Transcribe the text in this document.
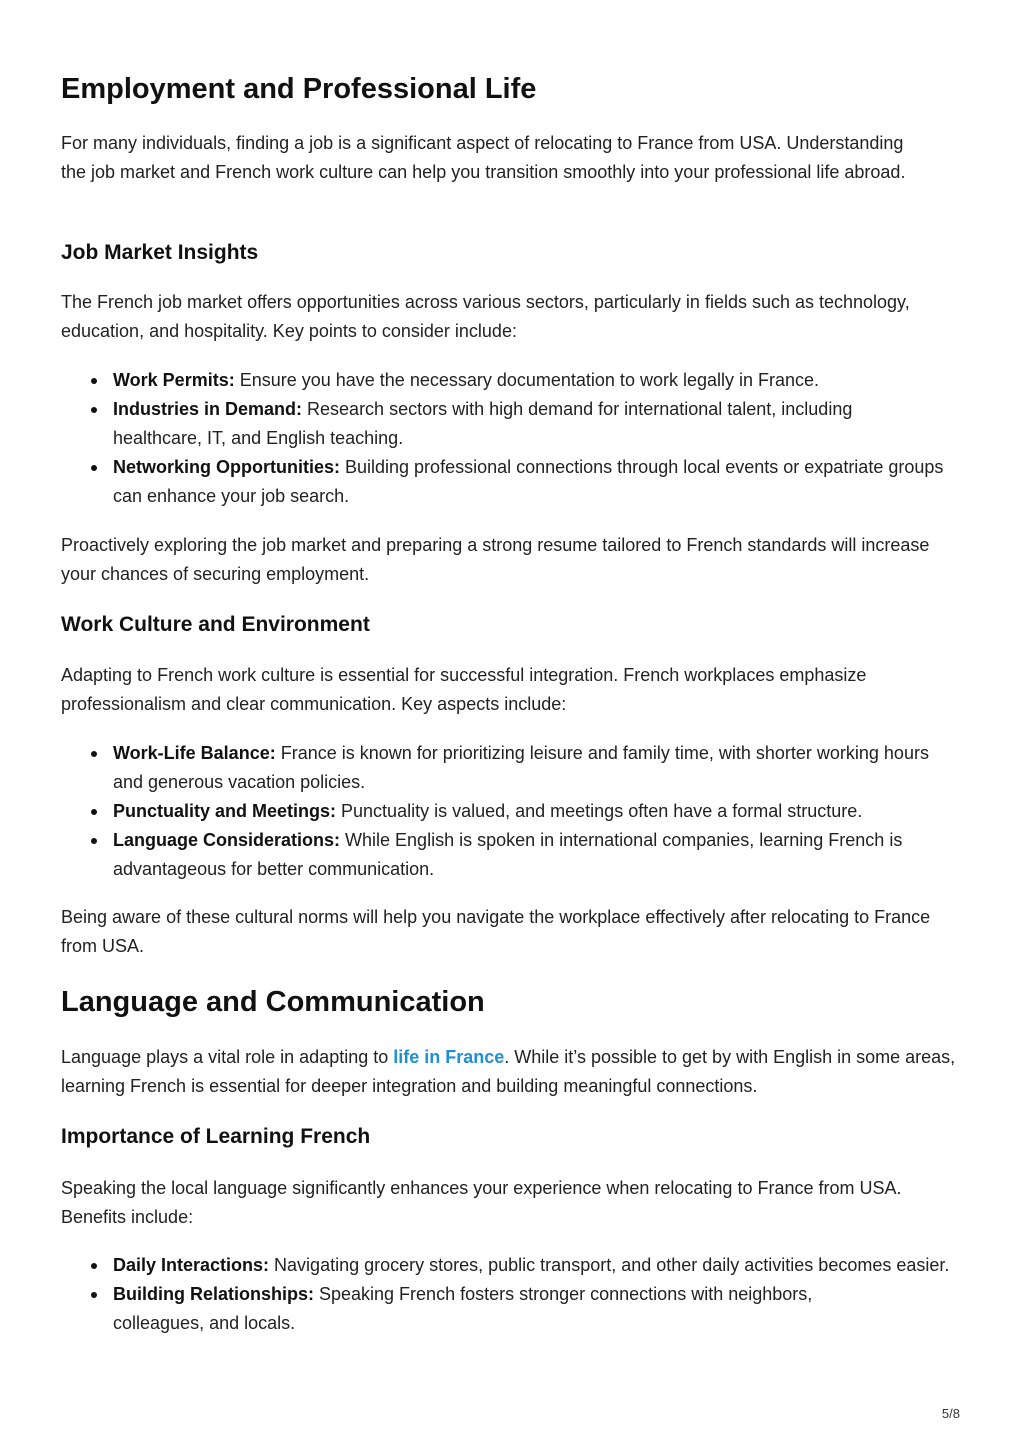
Employment and Professional Life

For many individuals, finding a job is a significant aspect of relocating to France from USA. Understanding the job market and French work culture can help you transition smoothly into your professional life abroad.

Job Market Insights

The French job market offers opportunities across various sectors, particularly in fields such as technology, education, and hospitality. Key points to consider include:

Work Permits: Ensure you have the necessary documentation to work legally in France.
Industries in Demand: Research sectors with high demand for international talent, including healthcare, IT, and English teaching.
Networking Opportunities: Building professional connections through local events or expatriate groups can enhance your job search.

Proactively exploring the job market and preparing a strong resume tailored to French standards will increase your chances of securing employment.

Work Culture and Environment

Adapting to French work culture is essential for successful integration. French workplaces emphasize professionalism and clear communication. Key aspects include:

Work-Life Balance: France is known for prioritizing leisure and family time, with shorter working hours and generous vacation policies.
Punctuality and Meetings: Punctuality is valued, and meetings often have a formal structure.
Language Considerations: While English is spoken in international companies, learning French is advantageous for better communication.

Being aware of these cultural norms will help you navigate the workplace effectively after relocating to France from USA.

Language and Communication

Language plays a vital role in adapting to life in France. While it’s possible to get by with English in some areas, learning French is essential for deeper integration and building meaningful connections.

Importance of Learning French

Speaking the local language significantly enhances your experience when relocating to France from USA. Benefits include:

Daily Interactions: Navigating grocery stores, public transport, and other daily activities becomes easier.
Building Relationships: Speaking French fosters stronger connections with neighbors, colleagues, and locals.
5/8
